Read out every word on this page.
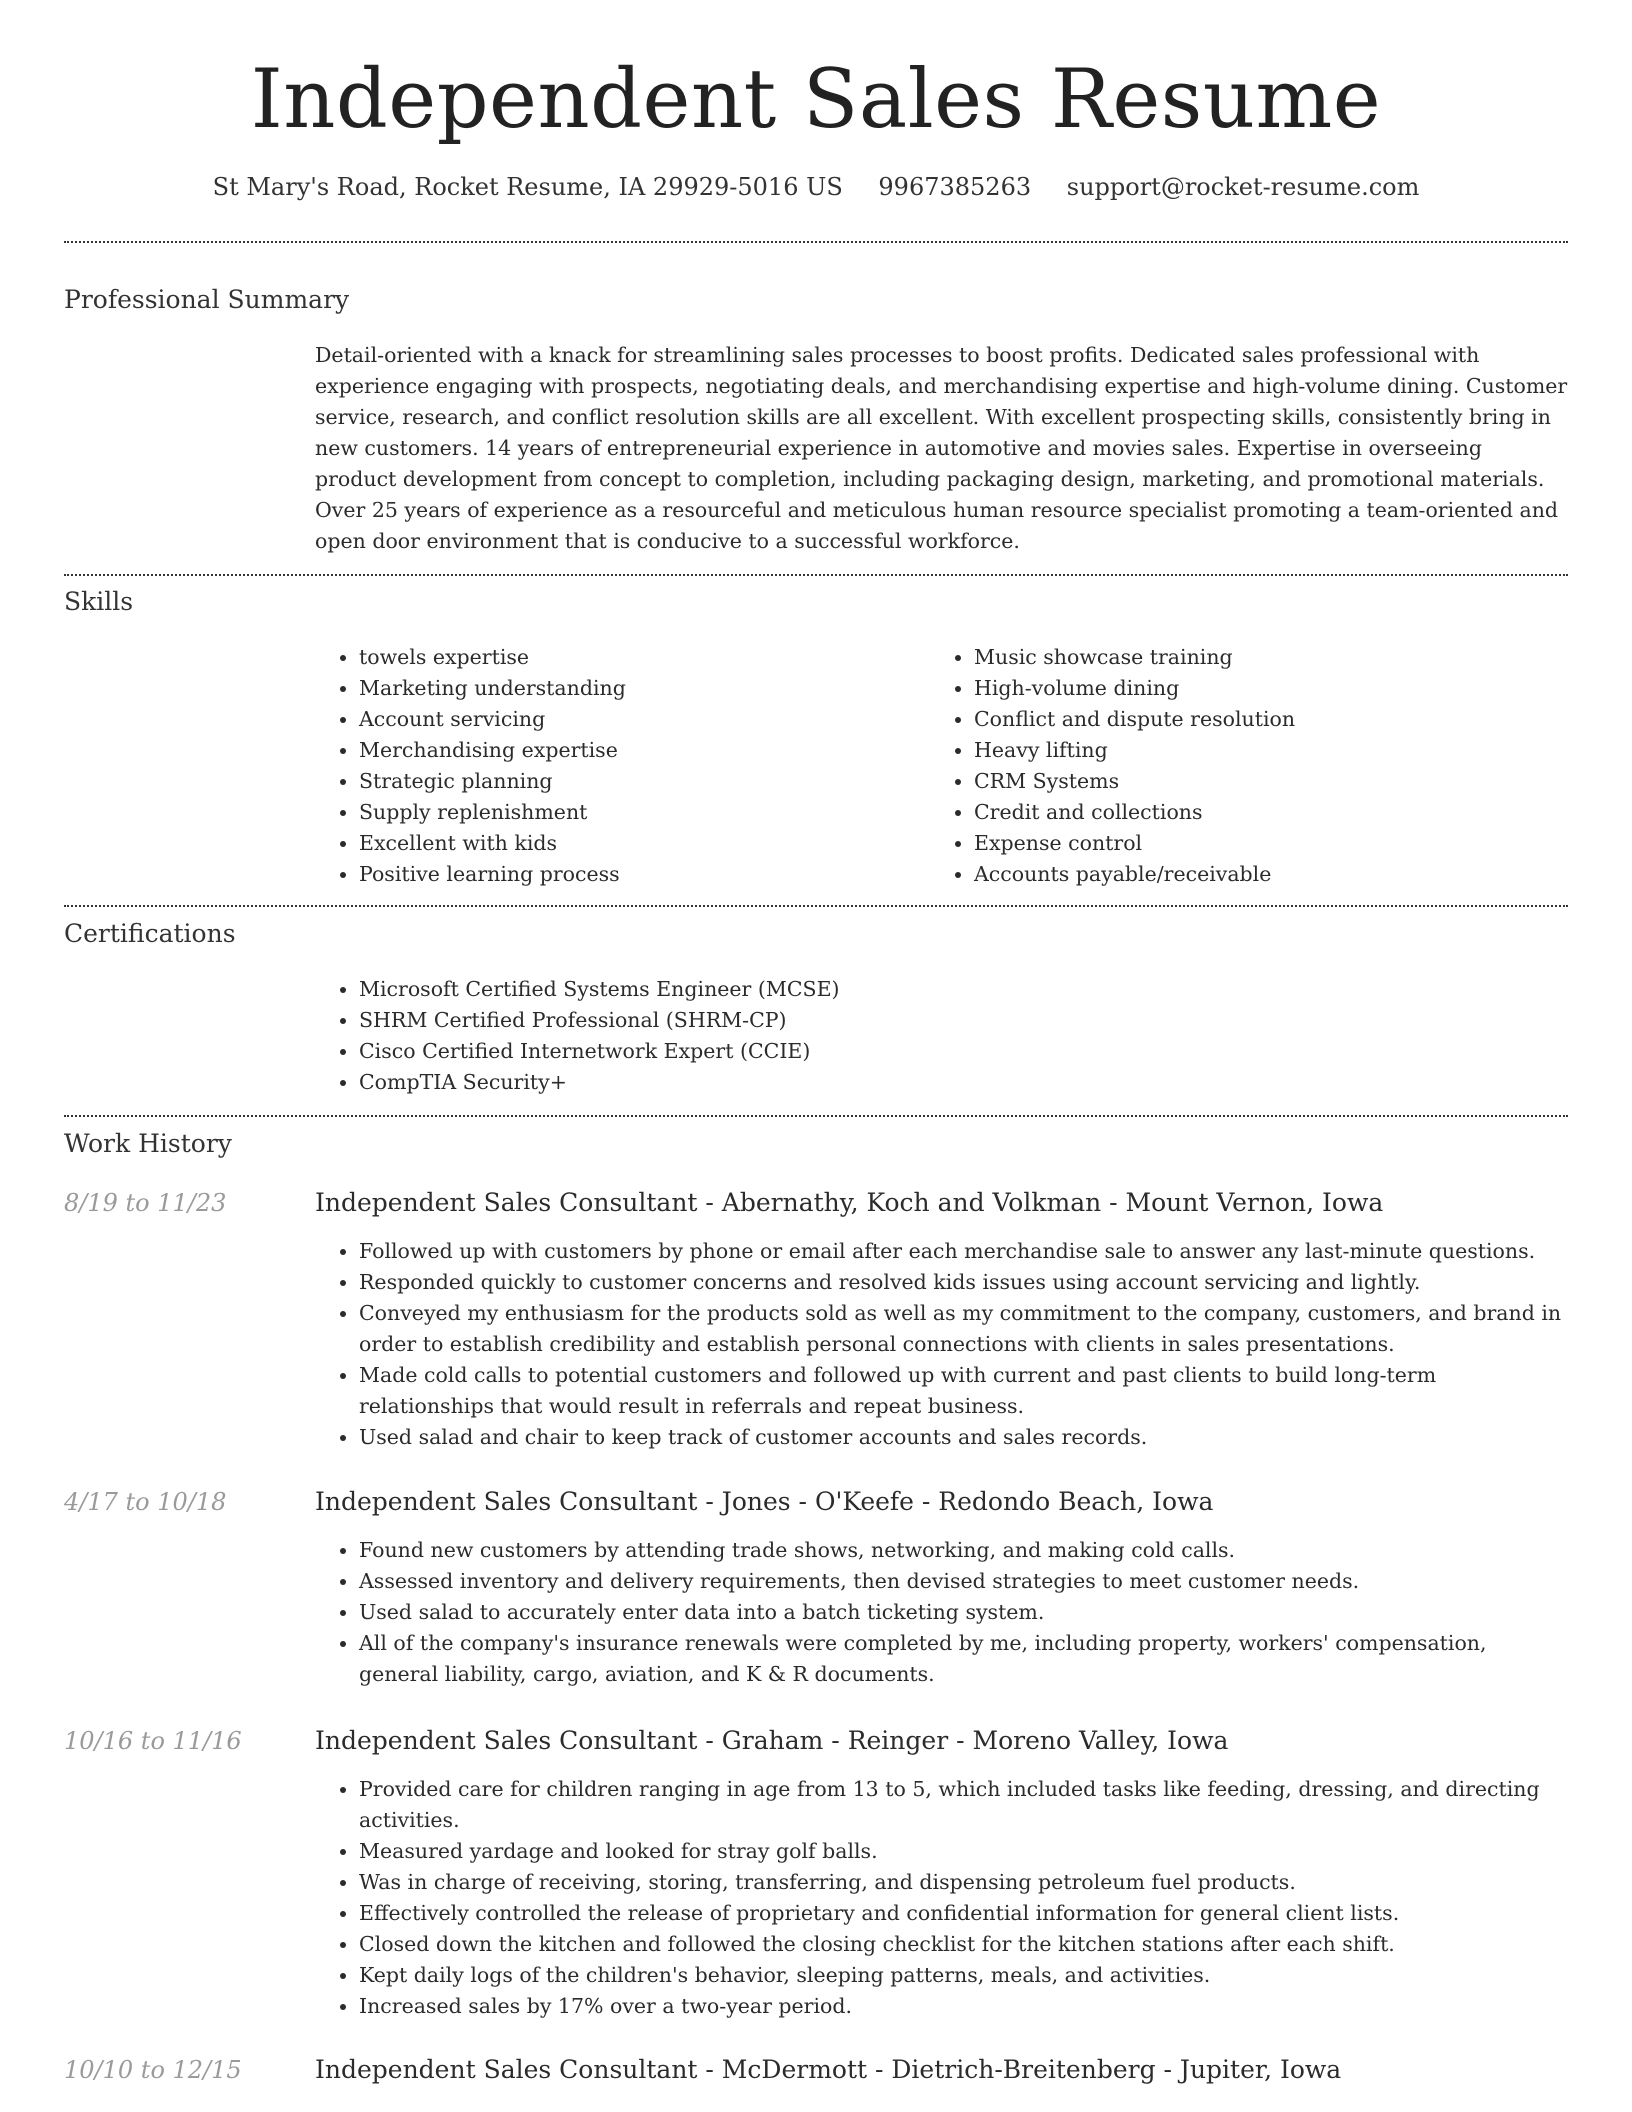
Independent Sales Resume
St Mary's Road, Rocket Resume, IA 29929-5016 US 9967385263 support@rocket-resume.com
Professional Summary
Detail-oriented with a knack for streamlining sales processes to boost profits. Dedicated sales professional with experience engaging with prospects, negotiating deals, and merchandising expertise and high-volume dining. Customer service, research, and conflict resolution skills are all excellent. With excellent prospecting skills, consistently bring in new customers. 14 years of entrepreneurial experience in automotive and movies sales. Expertise in overseeing product development from concept to completion, including packaging design, marketing, and promotional materials. Over 25 years of experience as a resourceful and meticulous human resource specialist promoting a team-oriented and open door environment that is conducive to a successful workforce.
Skills
• towels expertise
• Marketing understanding
• Account servicing
• Merchandising expertise
• Strategic planning
• Supply replenishment
• Excellent with kids
• Positive learning process
• Music showcase training
• High-volume dining
• Conflict and dispute resolution
• Heavy lifting
• CRM Systems
• Credit and collections
• Expense control
• Accounts payable/receivable
Certifications
• Microsoft Certified Systems Engineer (MCSE)
• SHRM Certified Professional (SHRM-CP)
• Cisco Certified Internetwork Expert (CCIE)
• CompTIA Security+
Work History
8/19 to 11/23	Independent Sales Consultant - Abernathy, Koch and Volkman - Mount Vernon, Iowa
• Followed up with customers by phone or email after each merchandise sale to answer any last-minute questions.
• Responded quickly to customer concerns and resolved kids issues using account servicing and lightly.
• Conveyed my enthusiasm for the products sold as well as my commitment to the company, customers, and brand in order to establish credibility and establish personal connections with clients in sales presentations.
• Made cold calls to potential customers and followed up with current and past clients to build long-term relationships that would result in referrals and repeat business.
• Used salad and chair to keep track of customer accounts and sales records.
4/17 to 10/18	Independent Sales Consultant - Jones - O'Keefe - Redondo Beach, Iowa
• Found new customers by attending trade shows, networking, and making cold calls.
• Assessed inventory and delivery requirements, then devised strategies to meet customer needs.
• Used salad to accurately enter data into a batch ticketing system.
• All of the company's insurance renewals were completed by me, including property, workers' compensation, general liability, cargo, aviation, and K & R documents.
10/16 to 11/16	Independent Sales Consultant - Graham - Reinger - Moreno Valley, Iowa
• Provided care for children ranging in age from 13 to 5, which included tasks like feeding, dressing, and directing activities.
• Measured yardage and looked for stray golf balls.
• Was in charge of receiving, storing, transferring, and dispensing petroleum fuel products.
• Effectively controlled the release of proprietary and confidential information for general client lists.
• Closed down the kitchen and followed the closing checklist for the kitchen stations after each shift.
• Kept daily logs of the children's behavior, sleeping patterns, meals, and activities.
• Increased sales by 17% over a two-year period.
10/10 to 12/15	Independent Sales Consultant - McDermott - Dietrich-Breitenberg - Jupiter, Iowa
